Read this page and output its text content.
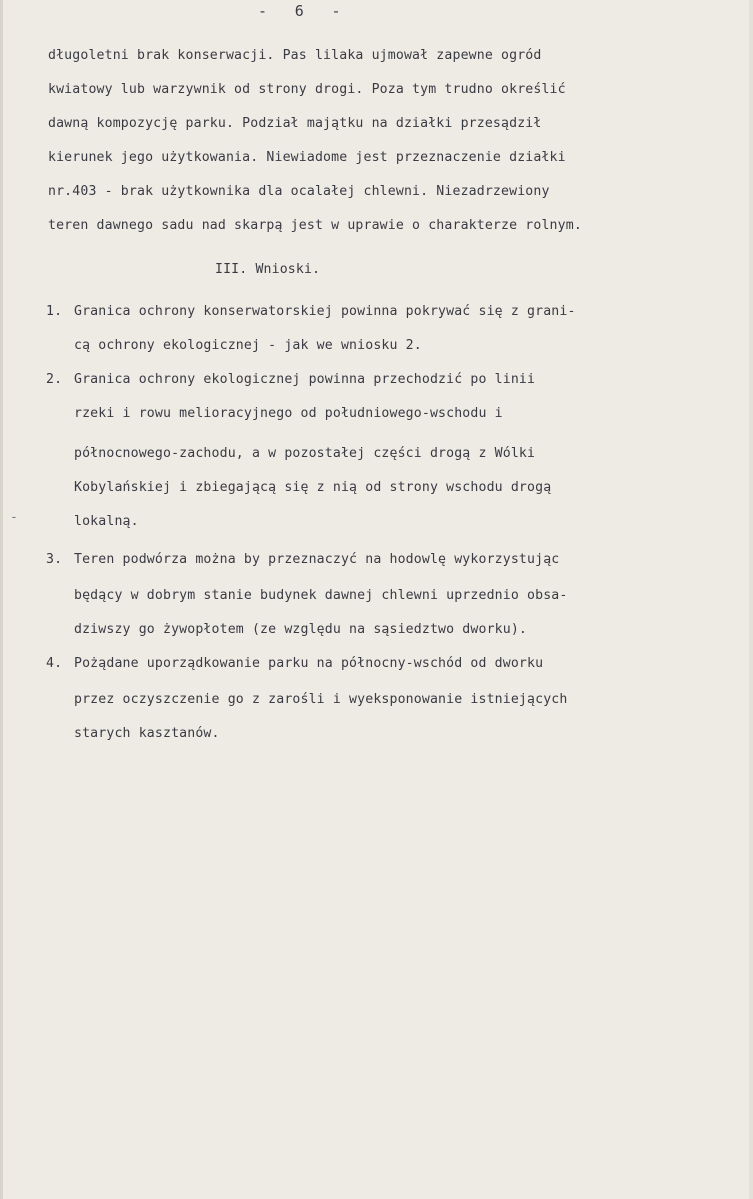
-   6   -
długoletni brak konserwacji. Pas lilaka ujmował zapewne ogród
kwiatowy lub warzywnik od strony drogi. Poza tym trudno określić
dawną kompozycję parku. Podział majątku na działki przesądził
kierunek jego użytkowania. Niewiadome jest przeznaczenie działki
nr.403 - brak użytkownika dla ocalałej chlewni. Niezadrzewiony
teren dawnego sadu nad skarpą jest w uprawie o charakterze rolnym.
III. Wnioski.
1. Granica ochrony konserwatorskiej powinna pokrywać się z grani-
cą ochrony ekologicznej - jak we wniosku 2.
2. Granica ochrony ekologicznej powinna przechodzić po linii
rzeki i rowu melioracyjnego od południowego-wschodu i
północnowego-zachodu, a w pozostałej części drogą z Wólki
Kobylańskiej i zbiegającą się z nią od strony wschodu drogą
lokalną.
-
3. Teren podwórza można by przeznaczyć na hodowlę wykorzystując
będący w dobrym stanie budynek dawnej chlewni uprzednio obsa-
dziwszy go żywopłotem (ze względu na sąsiedztwo dworku).
4. Pożądane uporządkowanie parku na północny-wschód od dworku
przez oczyszczenie go z zarośli i wyeksponowanie istniejących
starych kasztanów.
